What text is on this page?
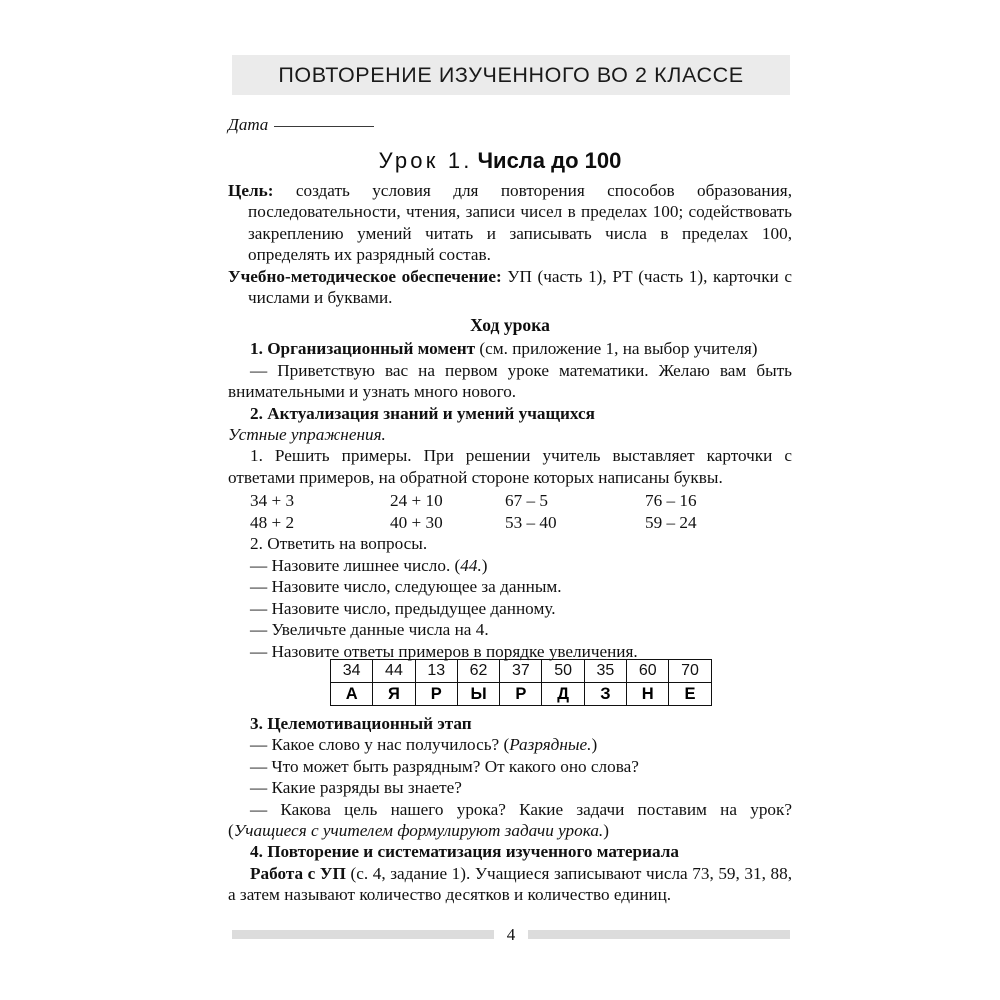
ПОВТОРЕНИЕ ИЗУЧЕННОГО ВО 2 КЛАССЕ
Дата
Урок 1. Числа до 100

Цель: создать условия для повторения способов образования, последовательности, чтения, записи чисел в пределах 100; содействовать закреплению умений читать и записывать числа в пределах 100, определять их разрядный состав.

Учебно-методическое обеспечение: УП (часть 1), РТ (часть 1), карточки с числами и буквами.

Ход урока

1. Организационный момент (см. приложение 1, на выбор учителя)

— Приветствую вас на первом уроке математики. Желаю вам быть внимательными и узнать много нового.

2. Актуализация знаний и умений учащихся

Устные упражнения.

1. Решить примеры. При решении учитель выставляет карточки с ответами примеров, на обратной стороне которых написаны буквы.

34 + 3	24 + 10	67 – 5	76 – 16
48 + 2	40 + 30	53 – 40	59 – 24

2. Ответить на вопросы.

— Назовите лишнее число. (44.)

— Назовите число, следующее за данным.

— Назовите число, предыдущее данному.

— Увеличьте данные числа на 4.

— Назовите ответы примеров в порядке увеличения.

34	44	13	62	37	50	35	60	70
А	Я	Р	Ы	Р	Д	З	Н	Е

3. Целемотивационный этап

— Какое слово у нас получилось? (Разрядные.)

— Что может быть разрядным? От какого оно слова?

— Какие разряды вы знаете?

— Какова цель нашего урока? Какие задачи поставим на урок? (Учащиеся с учителем формулируют задачи урока.)

4. Повторение и систематизация изученного материала

Работа с УП (с. 4, задание 1). Учащиеся записывают числа 73, 59, 31, 88, а затем называют количество десятков и количество единиц.

4
